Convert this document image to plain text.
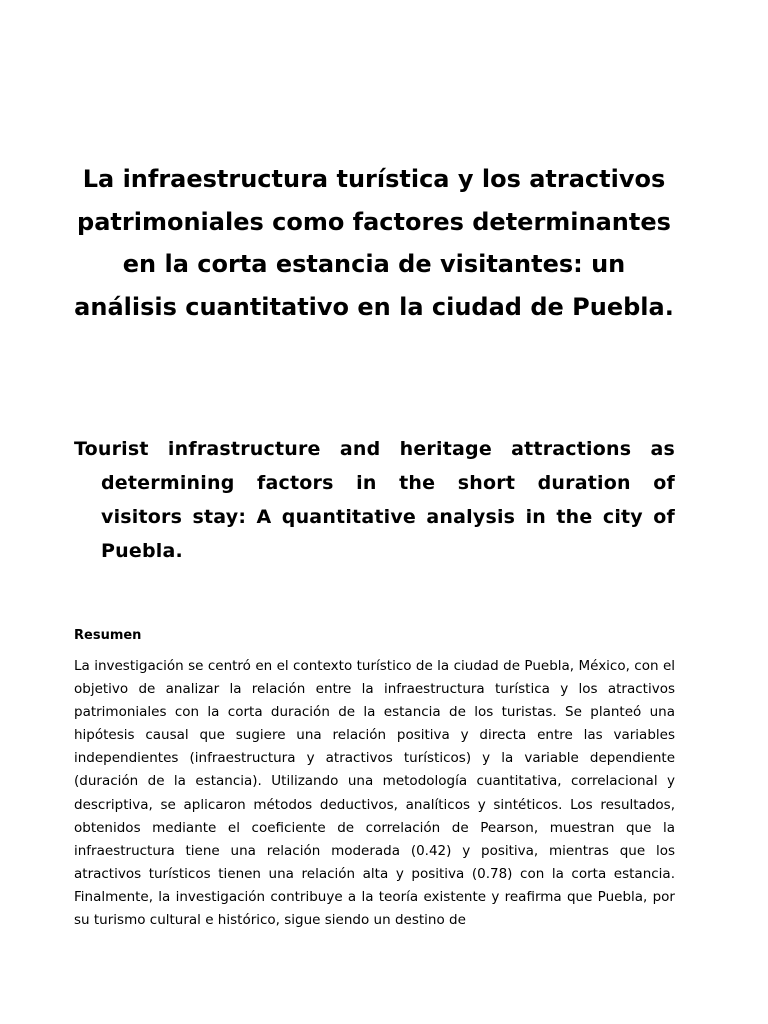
La infraestructura turística y los atractivos patrimoniales como factores determinantes en la corta estancia de visitantes: un análisis cuantitativo en la ciudad de Puebla.
Tourist infrastructure and heritage attractions as determining factors in the short duration of visitors stay: A quantitative analysis in the city of Puebla.
Resumen

La investigación se centró en el contexto turístico de la ciudad de Puebla, México, con el objetivo de analizar la relación entre la infraestructura turística y los atractivos patrimoniales con la corta duración de la estancia de los turistas. Se planteó una hipótesis causal que sugiere una relación positiva y directa entre las variables independientes (infraestructura y atractivos turísticos) y la variable dependiente (duración de la estancia). Utilizando una metodología cuantitativa, correlacional y descriptiva, se aplicaron métodos deductivos, analíticos y sintéticos. Los resultados, obtenidos mediante el coeficiente de correlación de Pearson, muestran que la infraestructura tiene una relación moderada (0.42) y positiva, mientras que los atractivos turísticos tienen una relación alta y positiva (0.78) con la corta estancia. Finalmente, la investigación contribuye a la teoría existente y reafirma que Puebla, por su turismo cultural e histórico, sigue siendo un destino de
